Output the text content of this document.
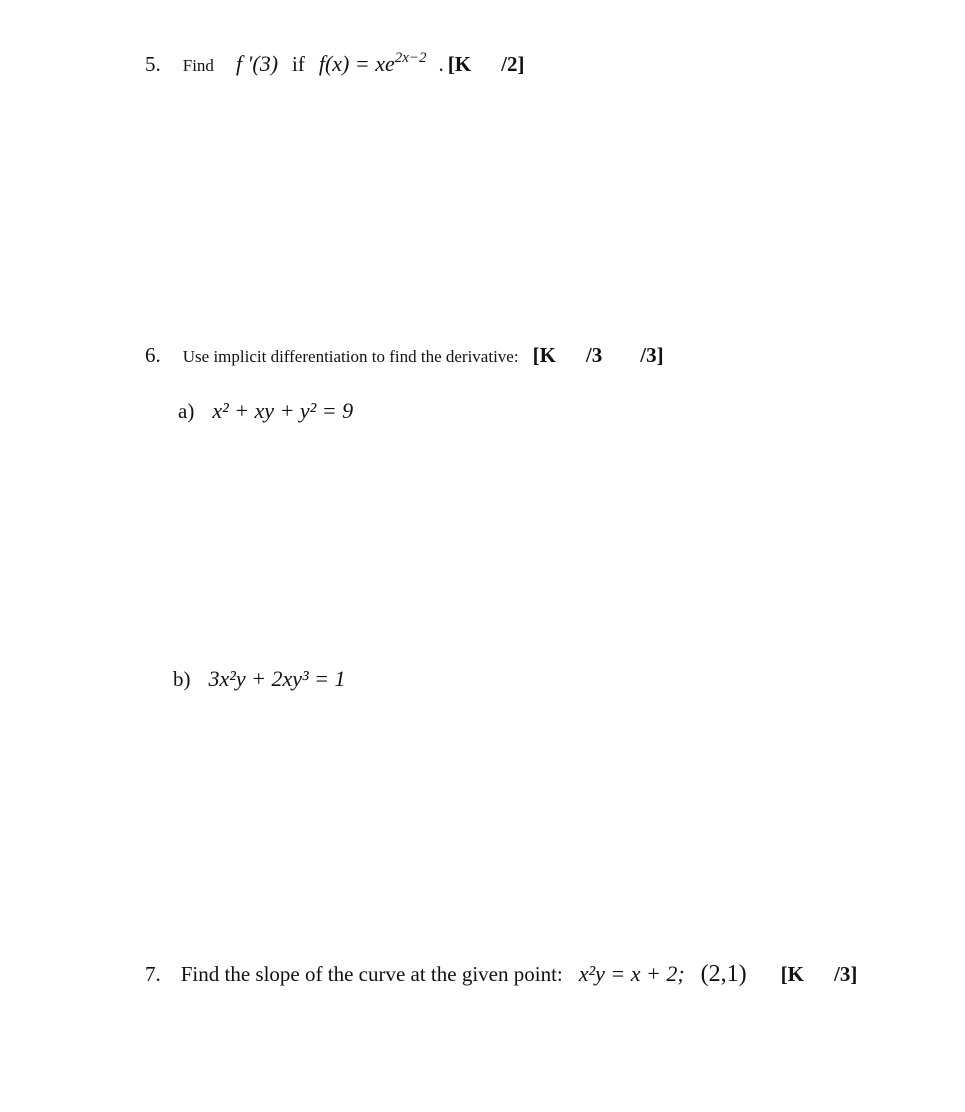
5. Find f ′(3) if f(x) = xe2x−2 . [K /2]
6. Use implicit differentiation to find the derivative: [K /3 /3]
a) x² + xy + y² = 9
b) 3x²y + 2xy³ = 1
7. Find the slope of the curve at the given point: x²y = x + 2; (2,1) [K /3]
